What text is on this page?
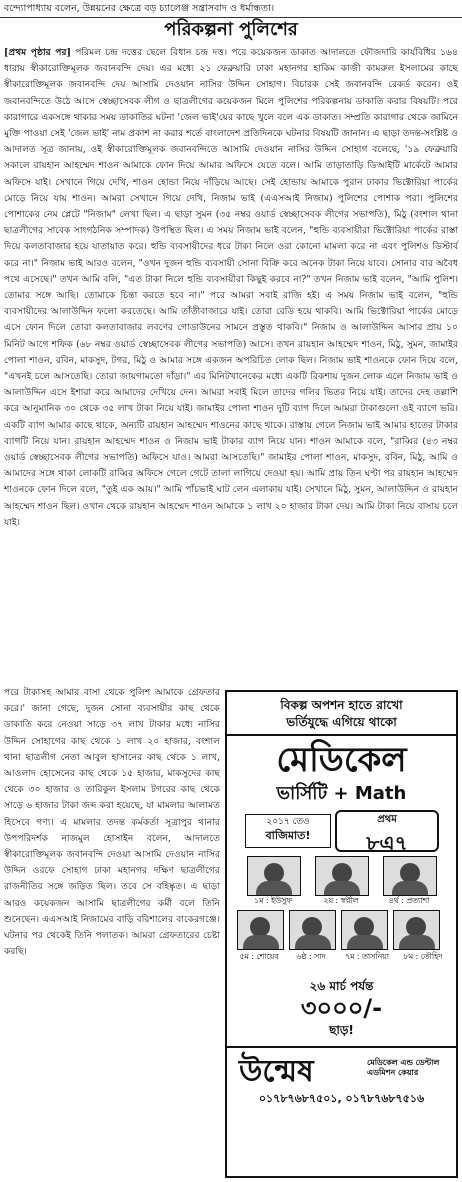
বন্দ্যোপাধ্যায় বলেন, উন্নয়নের ক্ষেত্রে বড় চ্যালেঞ্জ সন্ত্রাসবাদ ও ধর্মান্ধতা।
পরিকল্পনা পুলিশের

[প্রথম পৃষ্ঠার পর] পরিমল চন্দ্র দত্তের ছেলে বিধান চন্দ্র দত্ত। পরে কয়েকজন ডাকাত আদালতে ফৌজদারি কার্যবিধির ১৬৪ ধারায় স্বীকারোক্তিমূলক জবানবন্দি দেয়। এর মধ্যে ২১ ফেব্রুয়ারি ঢাকা মহানগর হাকিম কাজী কামরুল ইসলামের কাছে স্বীকারোক্তিমূলক জবানবন্দি দেয় আসামি দেওয়ান নাসির উদ্দিন সোহাগ। বিচারক সেই জবানবন্দি রেকর্ড করেন। ওই জবানবন্দিতে উঠে আসে স্বেচ্ছাসেবক লীগ ও ছাত্রলীগের কয়েকজন মিলে পুলিশের পরিকল্পনায় ডাকাতি করার বিষয়টি। পরে কারাগারে একসঙ্গে থাকার সময় ডাকাতির ঘটনা 'জেল ভাই'য়ের কাছে খুলে বলে এক ডাকাত। সম্প্রতি কারাগার থেকে জামিনে মুক্তি পাওয়া সেই 'জেল ভাই' নাম প্রকাশ না করার শর্তে বাংলাদেশ প্রতিদিনকে ঘটনার বিষয়টি জানান। এ ছাড়া তদন্ত-সংশ্লিষ্ট ও আদালত সূত্র জানায়, ওই স্বীকারোক্তিমূলক জবানবন্দিতে আসামি দেওয়ান নাসির উদ্দিন সোহাগ বলেছে, '১৯ ফেব্রুয়ারি সকালে রায়হান আহম্মেদ শাওন আমাকে ফোন দিয়ে আমার অফিসে যেতে বলে। আমি তাড়াতাড়ি ডিআইটি মার্কেটে আমার অফিসে যাই। সেখানে গিয়ে দেখি, শাওন হোন্ডা নিয়ে দাঁড়িয়ে আছে। সেই হোন্ডায় আমাকে পুরান ঢাকার ভিক্টোরিয়া পার্কের মোড়ে নিয়ে যায় শাওন। আমরা সেখানে গিয়ে দেখি, নিজাম ভাই (এএসআই নিজাম) পুলিশের পোশাক পরা। পুলিশের পোশাকের নেম প্লেটে "নিজাম" লেখা ছিল। এ ছাড়া সুমন (৩৫ নম্বর ওয়ার্ড স্বেচ্ছাসেবক লীগের সভাপতি), মিঠু (বংশাল থানা ছাত্রলীগের সাবেক সাংগঠনিক সম্পাদক) উপস্থিত ছিল। এ সময় নিজাম ভাই বলেন, "হুন্ডি ব্যবসায়ীরা ভিক্টোরিয়া পার্কের রাস্তা দিয়ে কলতাবাজার হয়ে যাতায়াত করে। হুন্ডি ব্যবসায়ীদের ধরে টাকা নিলে ওরা কোনো মামলা করে না এবং পুলিশও ডিস্টার্ব করে না।" নিজাম ভাই আরও বলেন, "ওখন দুজন হুন্ডি ব্যবসায়ী সোনা বিক্রি করে অনেক টাকা নিয়ে যাবে। সোনার বার অবৈধ পথে এসেছে।" তখন আমি বলি, "এত টাকা নিলে হুন্ডি ব্যবসায়ীরা কিছুই করবে না?" তখন নিজাম ভাই বলেন, "আমি পুলিশ। তোমার সঙ্গে আছি। তোমাকে চিন্তা করতে হবে না।" পরে আমরা সবাই রাজি হই। এ সময় নিজাম ভাই বলেন, "হুন্ডি ব্যবসায়ীদের আলাউদ্দিন ফলো করতেছে। আমি তাঁতীবাজারে যাই। তোরা রেডি হয়ে থাকবি। আমি ভিক্টোরিয়া পার্কের মোড়ে এসে ফোন দিলে তোরা কলতাবাজার লবণের গোডাউনের সামনে প্রস্তুত থাকবি।" নিজাম ও আলাউদ্দিন আসার প্রায় ১০ মিনিট আগে শফিক (৬৮ নম্বর ওয়ার্ড স্বেচ্ছাসেবক লীগের সভাপতি) আসে। তখন রায়হান আহম্মেদ শাওন, মিঠু, সুমন, জামাইর পোলা শাওন, রবিন, মাকসুদ, টগর, মিঠু ও আমার সঙ্গে একজন অপরিচিত লোক ছিল। নিজাম ভাই শাওনকে ফোন দিয়ে বলে, "এখনই চলে আসতেছি। তোরা জায়গামতো দাঁড়া।" এর মিনিটখানেকের মধ্যে একটি রিকশায় দুজন লোক এলে নিজাম ভাই ও আলাউদ্দিন এসে ইশারা করে আমাদের দেখিয়ে দেন। আমরা সবাই মিলে তাদের গলির ভিতর নিয়ে যাই। তাদের দেহ তল্লাশি করে আনুমানিক ৩০ থেকে ৩৫ লাখ টাকা নিয়ে যাই। জামাইর পোলা শাওন দুটি ব্যাগ দিলে আমরা টাকাগুলো ওই ব্যাগে ভরি। একটি ব্যাগ আমার কাছে থাকে, অন্যটি রায়হান আহম্মেদ শাওনের কাছে থাকে। রাস্তায় গেলে নিজাম ভাই আমার হাতের টাকার ব্যাগটি নিয়ে যান। রায়হান আহম্মেদ শাওন ও নিজাম ভাই টাকার ব্যাগ নিয়ে যান। শাওন আমাকে বলে, "রাব্বির (৪৩ নম্বর ওয়ার্ড স্বেচ্ছাসেবক লীগের সভাপতি) অফিসে যাও। আমরা আসতেছি।" জামাইর পোলা শাওন, মাকসুদ, রবিন, মিঠু, আমি ও আমাদের সঙ্গে থাকা লোকটি রাব্বির অফিসে গেলে গেটে তালা লাগিয়ে দেওয়া হয়। আমি প্রায় তিন ঘণ্টা পর রায়হান আহম্মেদ শাওনকে ফোন দিলে বলে, "তুই এক আয়।" আমি পাঁচভাই ঘাট লেন এলাকায় যাই। সেখানে মিঠু, সুমন, আলাউদ্দিন ও রায়হান আহম্মেদ শাওন ছিল। ওখান থেকে রায়হান আহম্মেদ শাওন আমাকে ১ লাখ ২০ হাজার টাকা দেয়। আমি টাকা নিয়ে বাসায় চলে যাই।

পরে টাকাসহ আমার বাসা থেকে পুলিশ আমাকে গ্রেফতার করে।' জানা গেছে, দুজন সোনা ব্যবসায়ীর কাছ থেকে ডাকাতি করে নেওয়া সাড়ে ৩৭ লাখ টাকার মধ্যে নাসির উদ্দিন সোহাগের কাছ থেকে ১ লাখ ২০ হাজার, বংশাল থানা ছাত্রলীগ নেতা আবুল হাসানের কাছ থেকে ১ লাখ, আওলাদ হোসেনের কাছ থেকে ১৫ হাজার, মাকসুদের কাছ থেকে ৩০ হাজার ও তারিকুল ইসলাম টগরের কাছ থেকে সাড়ে ৬ হাজার টাকা জব্দ করা হয়েছে, যা মামলার আলামত হিসেবে গণ্য। এ মামলার তদন্ত কর্মকর্তা সূত্রাপুর থানার উপপরিদর্শক নাজমুল হোসাইন বলেন, আদালতে স্বীকারোক্তিমূলক জবানবন্দি দেওয়া আসামি দেওয়ান নাসির উদ্দিন ওরফে সোহাগ ঢাকা মহানগর দক্ষিণ ছাত্রলীগের রাজনীতির সঙ্গে জড়িত ছিল। তবে সে বহিষ্কৃত। এ ছাড়া আরও কয়েকজন আসামি ছাত্রলীগের কর্মী বলে তিনি শুনেছেন। এএসআই নিজামের বাড়ি বরিশালের বাকেরগঞ্জে। ঘটনার পর থেকেই তিনি পলাতক। আমরা গ্রেফতারের চেষ্টা করছি।

বিকল্প অপশন হাতে রাখো
ভর্তিযুদ্ধে এগিয়ে থাকো
মেডিকেল
ভার্সিটি + Math
২০১৭ তেও
বাজিমাত!
প্রথম
৮এ৭
১ম : ইউসুফ	২য় : স্বপ্নীল	৪র্থ : প্রত্যাশা
৫ম : শোয়েব	৬ষ্ঠ : সাদ	৭ম : তাসনিয়া	৮ম : তৌহিদ
২৬ মার্চ পর্যন্ত
৩০০০/-
ছাড়!
উন্মেষ	মেডিকেল এন্ড ডেন্টাল এডমিশন কেয়ার
০১৭৮৭৬৮৭৫০১, ০১৭৮৭৬৮৭৫১৬
